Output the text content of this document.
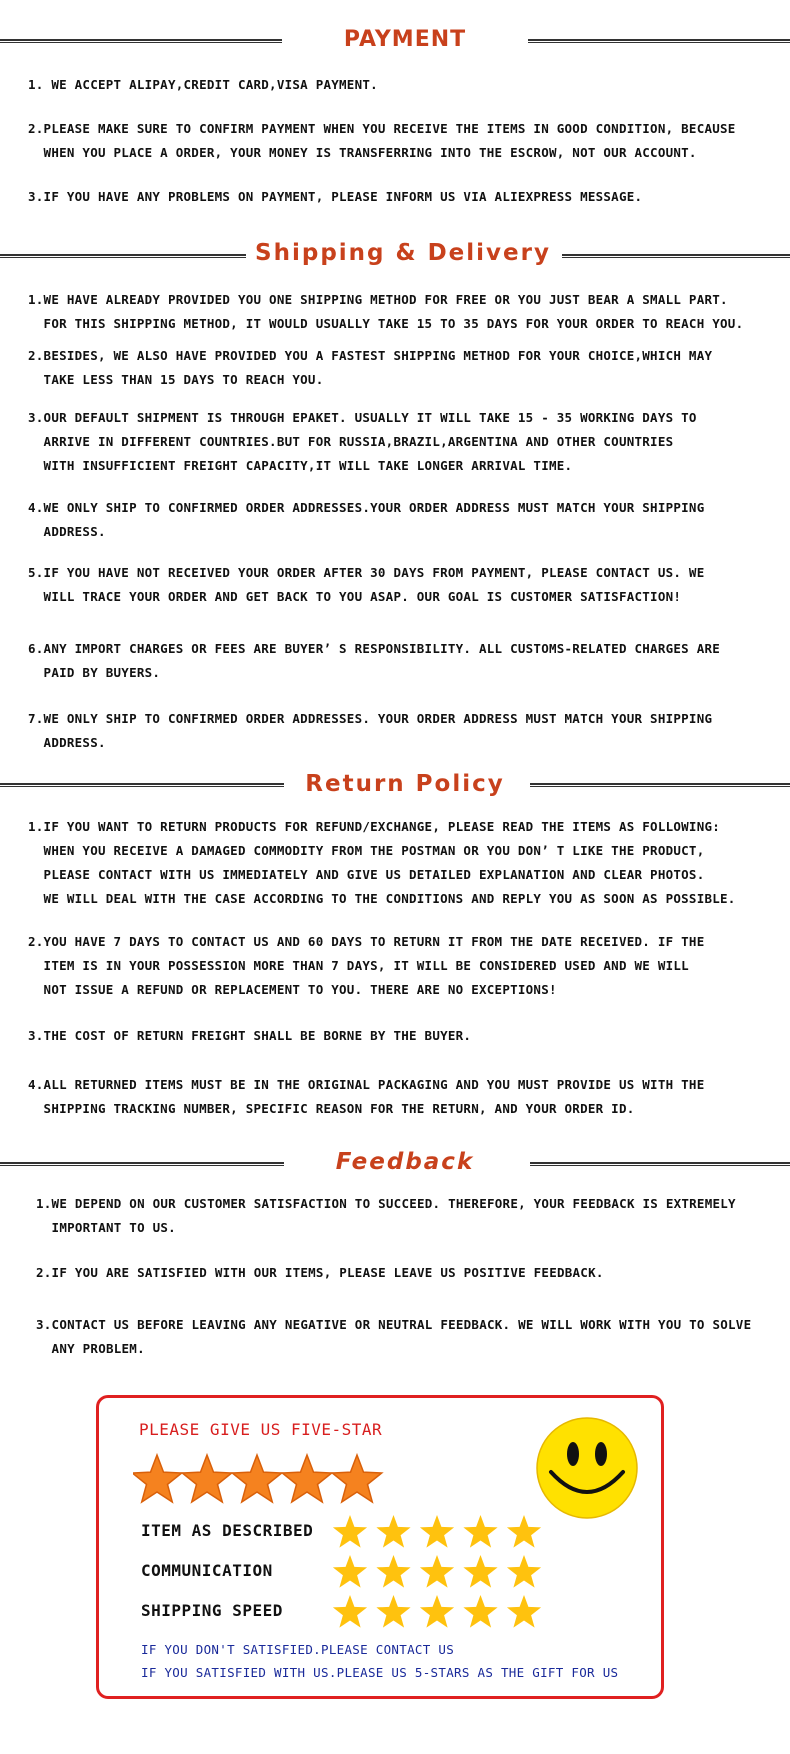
PAYMENT
1. WE ACCEPT ALIPAY,CREDIT CARD,VISA PAYMENT.
2.PLEASE MAKE SURE TO CONFIRM PAYMENT WHEN YOU RECEIVE THE ITEMS IN GOOD CONDITION, BECAUSE
WHEN YOU PLACE A ORDER, YOUR MONEY IS TRANSFERRING INTO THE ESCROW, NOT OUR ACCOUNT.
3.IF YOU HAVE ANY PROBLEMS ON PAYMENT, PLEASE INFORM US VIA ALIEXPRESS MESSAGE.
Shipping & Delivery
1.WE HAVE ALREADY PROVIDED YOU ONE SHIPPING METHOD FOR FREE OR YOU JUST BEAR A SMALL PART.
FOR THIS SHIPPING METHOD, IT WOULD USUALLY TAKE 15 TO 35 DAYS FOR YOUR ORDER TO REACH YOU.
2.BESIDES, WE ALSO HAVE PROVIDED YOU A FASTEST SHIPPING METHOD FOR YOUR CHOICE,WHICH MAY
TAKE LESS THAN 15 DAYS TO REACH YOU.
3.OUR DEFAULT SHIPMENT IS THROUGH EPAKET. USUALLY IT WILL TAKE 15 - 35 WORKING DAYS TO
ARRIVE IN DIFFERENT COUNTRIES.BUT FOR RUSSIA,BRAZIL,ARGENTINA AND OTHER COUNTRIES
WITH INSUFFICIENT FREIGHT CAPACITY,IT WILL TAKE LONGER ARRIVAL TIME.
4.WE ONLY SHIP TO CONFIRMED ORDER ADDRESSES.YOUR ORDER ADDRESS MUST MATCH YOUR SHIPPING
ADDRESS.
5.IF YOU HAVE NOT RECEIVED YOUR ORDER AFTER 30 DAYS FROM PAYMENT, PLEASE CONTACT US. WE
WILL TRACE YOUR ORDER AND GET BACK TO YOU ASAP. OUR GOAL IS CUSTOMER SATISFACTION!
6.ANY IMPORT CHARGES OR FEES ARE BUYER’ S RESPONSIBILITY. ALL CUSTOMS-RELATED CHARGES ARE
PAID BY BUYERS.
7.WE ONLY SHIP TO CONFIRMED ORDER ADDRESSES. YOUR ORDER ADDRESS MUST MATCH YOUR SHIPPING
ADDRESS.
Return Policy
1.IF YOU WANT TO RETURN PRODUCTS FOR REFUND/EXCHANGE, PLEASE READ THE ITEMS AS FOLLOWING:
WHEN YOU RECEIVE A DAMAGED COMMODITY FROM THE POSTMAN OR YOU DON’ T LIKE THE PRODUCT,
PLEASE CONTACT WITH US IMMEDIATELY AND GIVE US DETAILED EXPLANATION AND CLEAR PHOTOS.
WE WILL DEAL WITH THE CASE ACCORDING TO THE CONDITIONS AND REPLY YOU AS SOON AS POSSIBLE.
2.YOU HAVE 7 DAYS TO CONTACT US AND 60 DAYS TO RETURN IT FROM THE DATE RECEIVED. IF THE
ITEM IS IN YOUR POSSESSION MORE THAN 7 DAYS, IT WILL BE CONSIDERED USED AND WE WILL
NOT ISSUE A REFUND OR REPLACEMENT TO YOU. THERE ARE NO EXCEPTIONS!
3.THE COST OF RETURN FREIGHT SHALL BE BORNE BY THE BUYER.
4.ALL RETURNED ITEMS MUST BE IN THE ORIGINAL PACKAGING AND YOU MUST PROVIDE US WITH THE
SHIPPING TRACKING NUMBER, SPECIFIC REASON FOR THE RETURN, AND YOUR ORDER ID.
Feedback
1.WE DEPEND ON OUR CUSTOMER SATISFACTION TO SUCCEED. THEREFORE, YOUR FEEDBACK IS EXTREMELY
IMPORTANT TO US.
2.IF YOU ARE SATISFIED WITH OUR ITEMS, PLEASE LEAVE US POSITIVE FEEDBACK.
3.CONTACT US BEFORE LEAVING ANY NEGATIVE OR NEUTRAL FEEDBACK. WE WILL WORK WITH YOU TO SOLVE
ANY PROBLEM.
PLEASE GIVE US FIVE-STAR
ITEM AS DESCRIBED
COMMUNICATION
SHIPPING SPEED
IF YOU DON'T SATISFIED.PLEASE CONTACT US
IF YOU SATISFIED WITH US.PLEASE US 5-STARS AS THE GIFT FOR US
